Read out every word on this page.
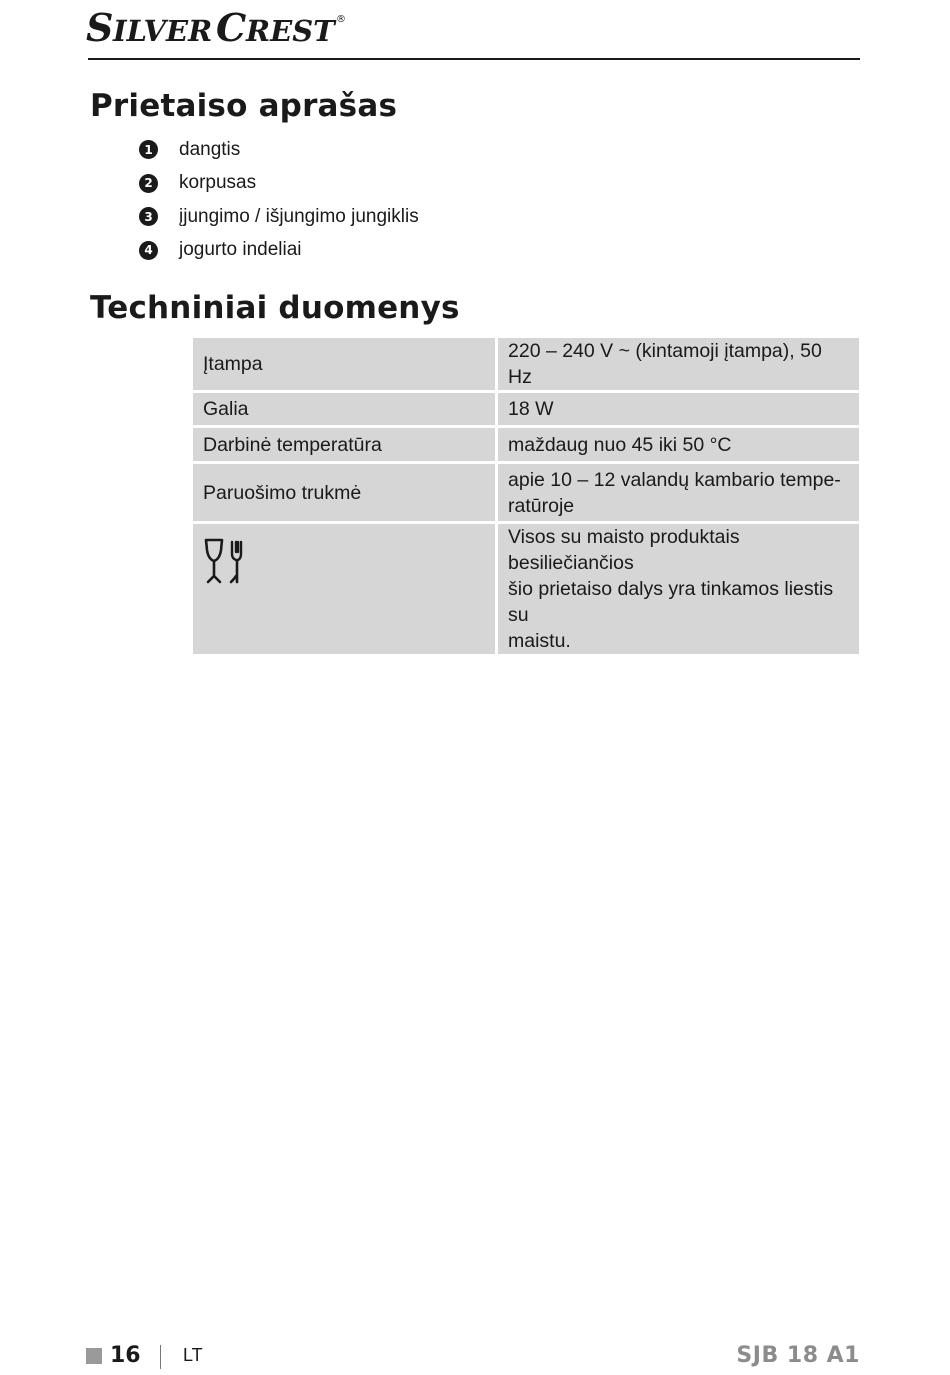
S ILVER C REST ®
Prietaiso aprašas
1 dangtis
2 korpusas
3 įjungimo / išjungimo jungiklis
4 jogurto indeliai
Techniniai duomenys
Įtampa	220 – 240 V ~ (kintamoji įtampa), 50 Hz
Galia	18 W
Darbinė temperatūra	maždaug nuo 45 iki 50 °C
Paruošimo trukmė	apie 10 – 12 valandų kambario tempe-
ratūroje
	Visos su maisto produktais besiliečiančios
šio prietaiso dalys yra tinkamos liestis su
maistu.
16 LT	SJB 18 A1
